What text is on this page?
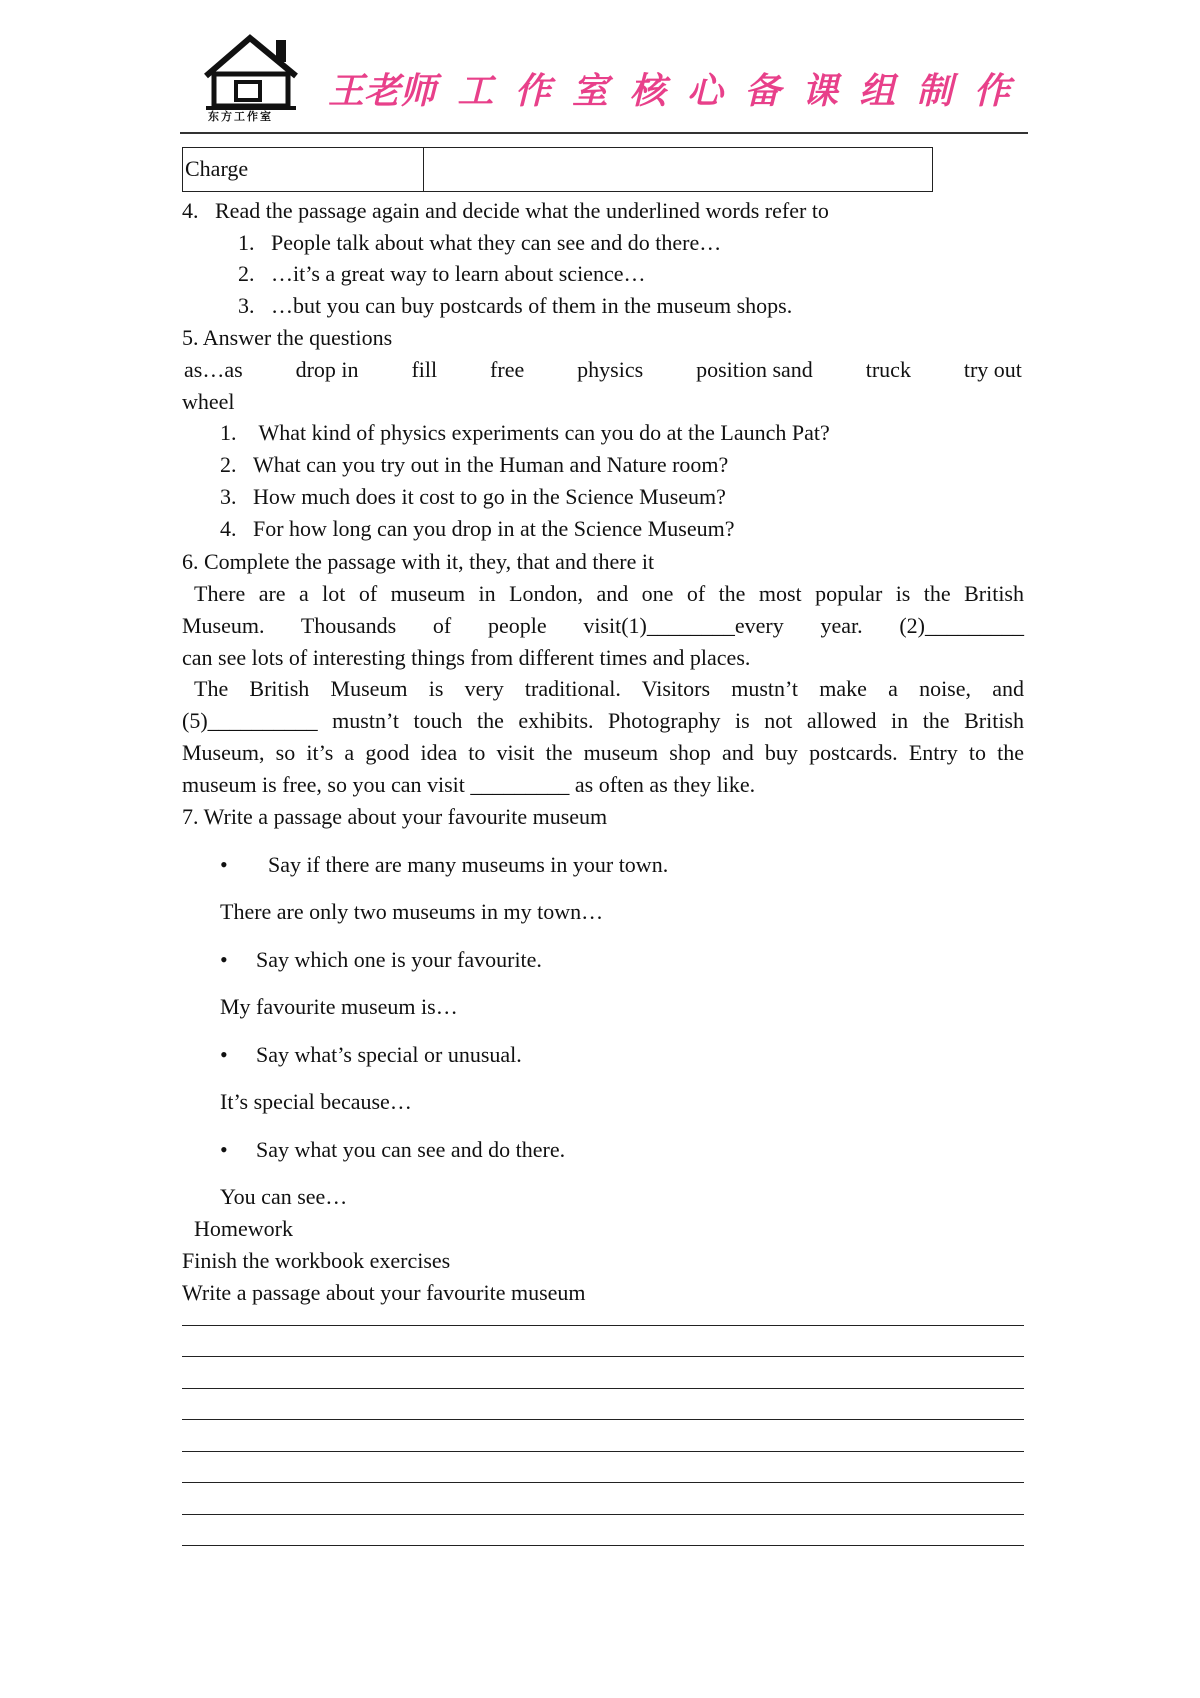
东方工作室
王老师 工 作 室 核 心 备 课 组 制 作
Charge	
4.   Read the passage again and decide what the underlined words refer to
1.   People talk about what they can see and do there…
2.   …it’s a great way to learn about science…
3.   …but you can buy postcards of them in the museum shops.
5. Answer the questions
as…as drop in fill free physics position sand truck try out
wheel
1.    What kind of physics experiments can you do at the Launch Pat?
2.   What can you try out in the Human and Nature room?
3.   How much does it cost to go in the Science Museum?
4.   For how long can you drop in at the Science Museum?
6. Complete the passage with it, they, that and there it
There are a lot of museum in London, and one of the most popular is the British
Museum. Thousands of people visit(1)________every year. (2)_________
can see lots of interesting things from different times and places.
The British Museum is very traditional. Visitors mustn’t make a noise, and
(5)__________ mustn’t touch the exhibits. Photography is not allowed in the British
Museum, so it’s a good idea to visit the museum shop and buy postcards. Entry to the
museum is free, so you can visit _________ as often as they like.
7. Write a passage about your favourite museum
• Say if there are many museums in your town.
There are only two museums in my town…
• Say which one is your favourite.
My favourite museum is…
• Say what’s special or unusual.
It’s special because…
• Say what you can see and do there.
You can see…
Homework
Finish the workbook exercises
Write a passage about your favourite museum
